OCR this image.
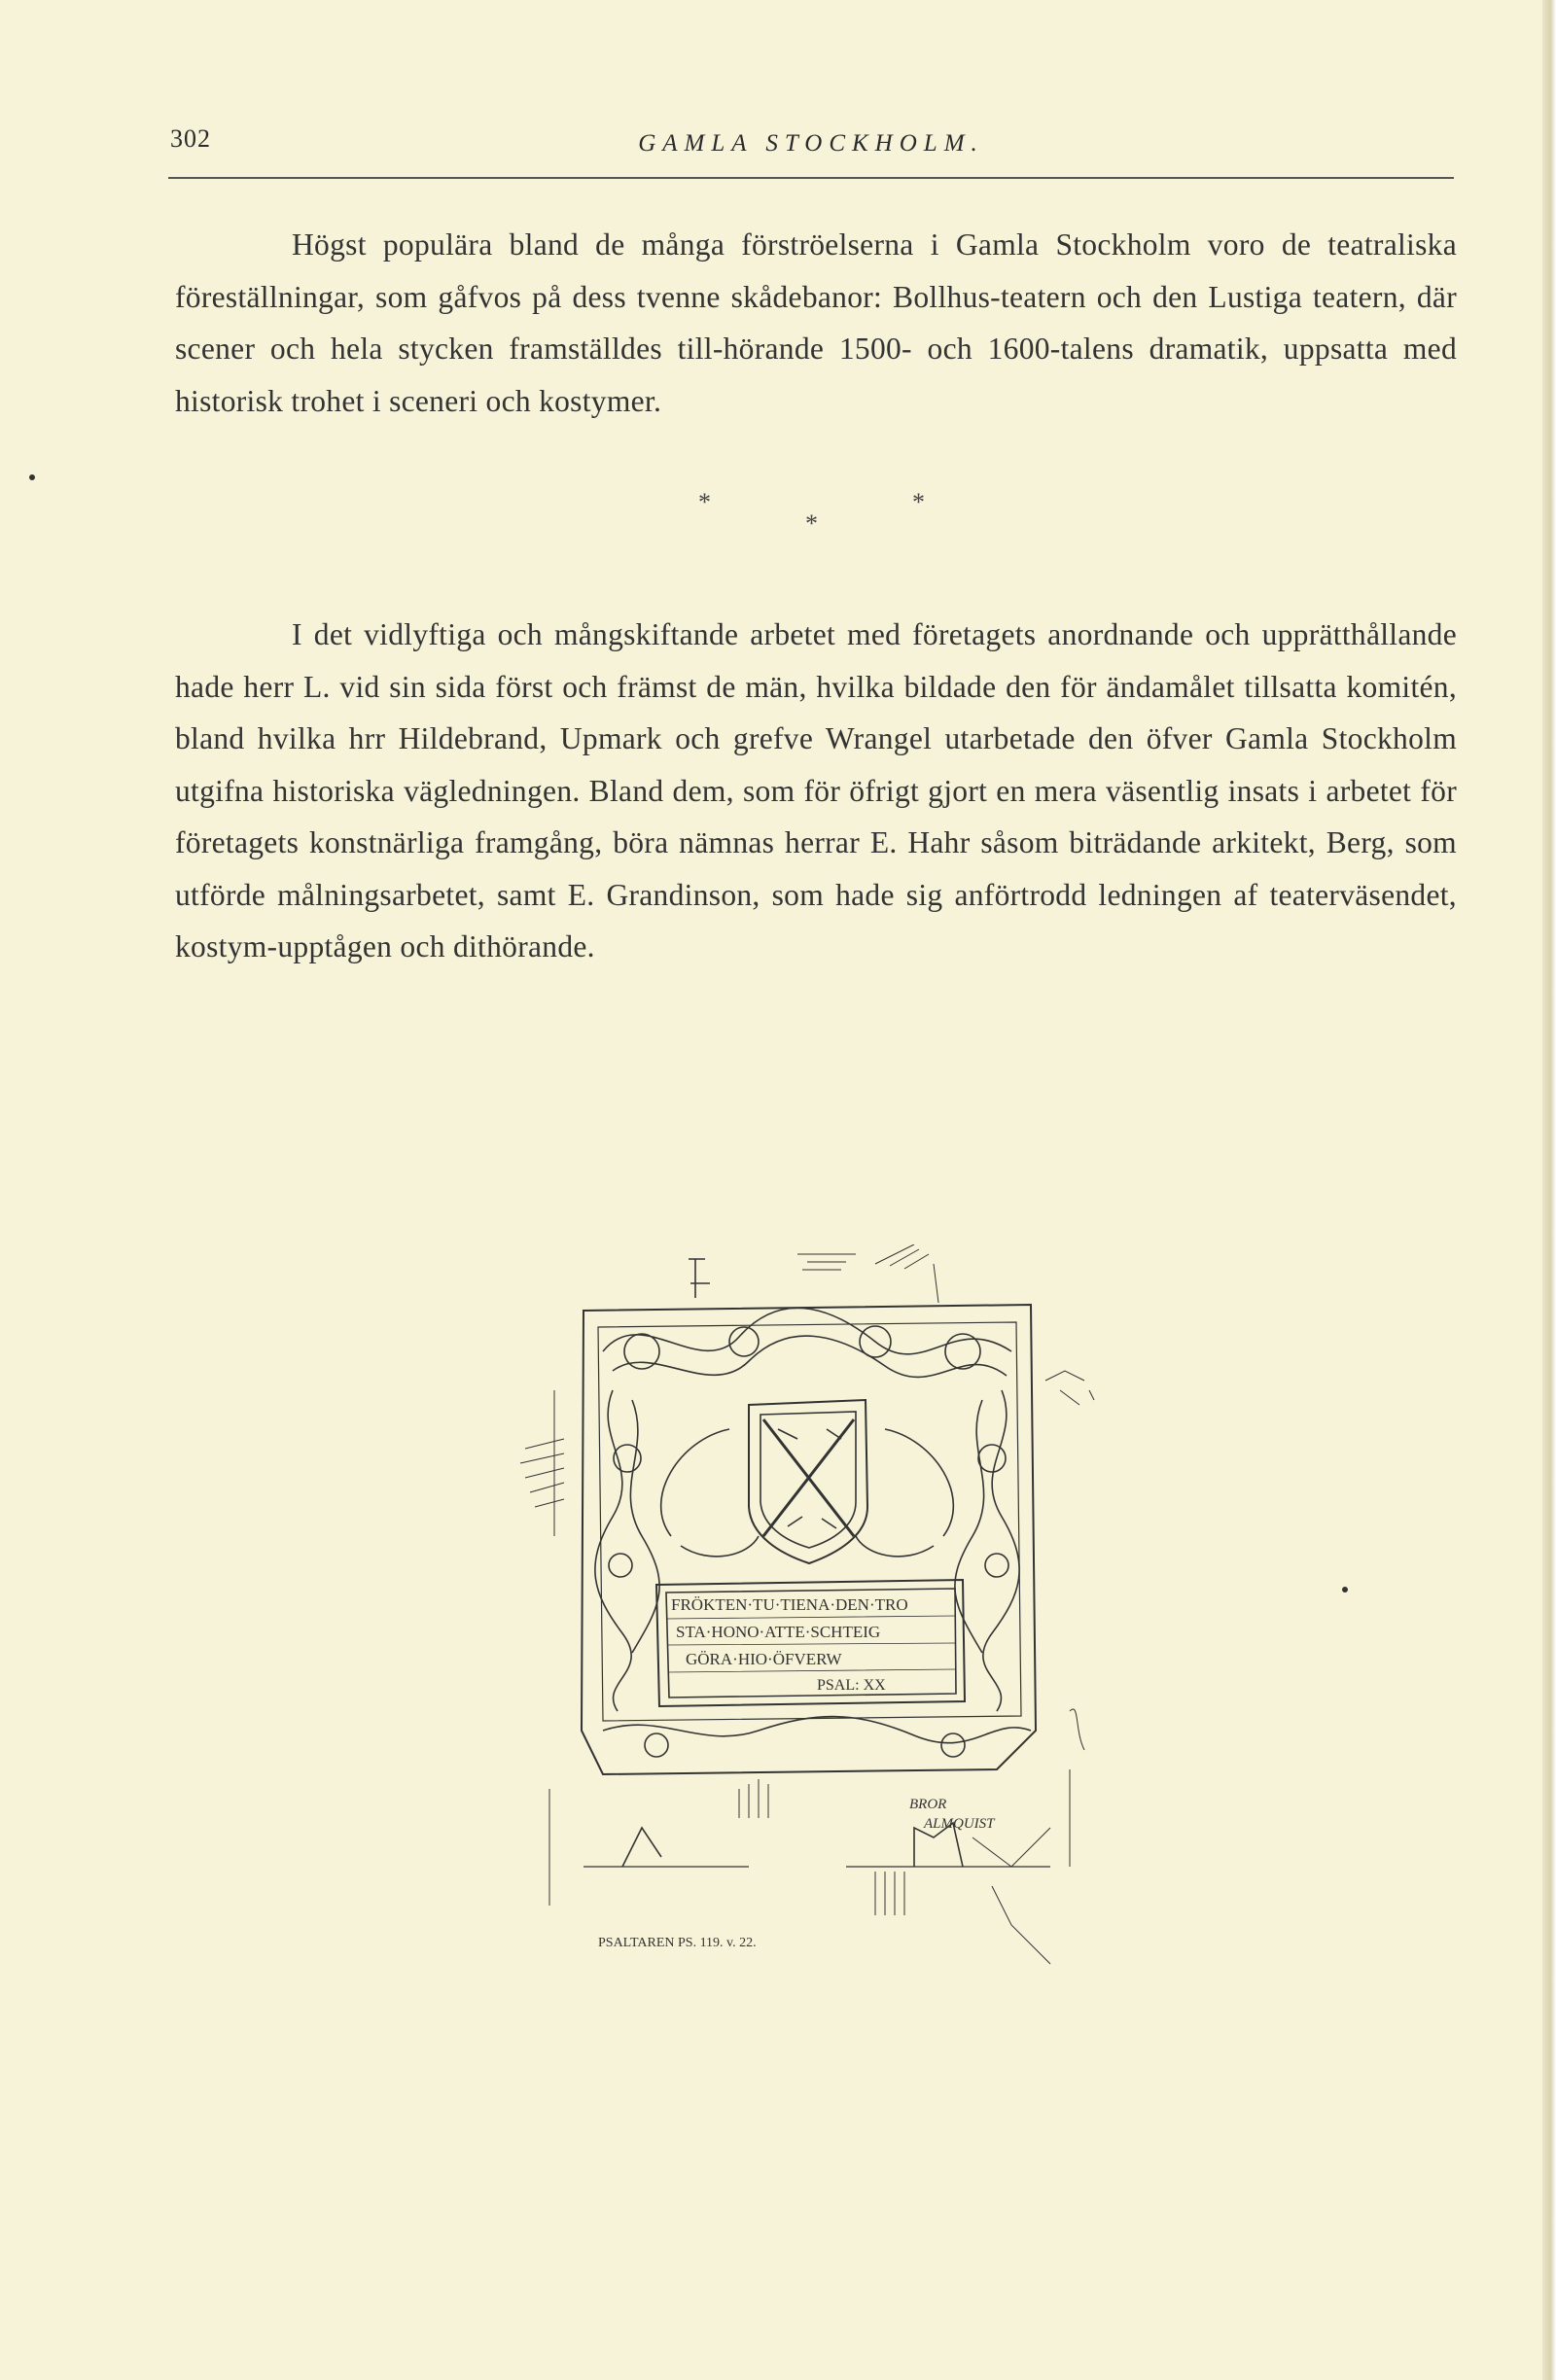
302	GAMLA STOCKHOLM.

Högst populära bland de många förströelserna i Gamla Stockholm voro de teatraliska föreställningar, som gåfvos på dess tvenne skådebanor: Bollhus-teatern och den Lustiga teatern, där scener och hela stycken framställdes till-hörande 1500- och 1600-talens dramatik, uppsatta med historisk trohet i sceneri och kostymer.

*
*
*

I det vidlyftiga och mångskiftande arbetet med företagets anordnande och upprätthållande hade herr L. vid sin sida först och främst de män, hvilka bildade den för ändamålet tillsatta komitén, bland hvilka hrr Hildebrand, Upmark och grefve Wrangel utarbetade den öfver Gamla Stockholm utgifna historiska vägledningen. Bland dem, som för öfrigt gjort en mera väsentlig insats i arbetet för företagets konstnärliga framgång, böra nämnas herrar E. Hahr såsom biträdande arkitekt, Berg, som utförde målningsarbetet, samt E. Grandinson, som hade sig anförtrodd ledningen af teaterväsendet, kostym-upptågen och dithörande.

FRÖKTEN·TU·TIENA·DEN·TRO
STA·HONO·ATTE·SCHTEIG
GÖRA·HIO·ÖFVERW
PSAL: XX
BROR
ALMQUIST
PSALTAREN PS. 119. v. 22.
